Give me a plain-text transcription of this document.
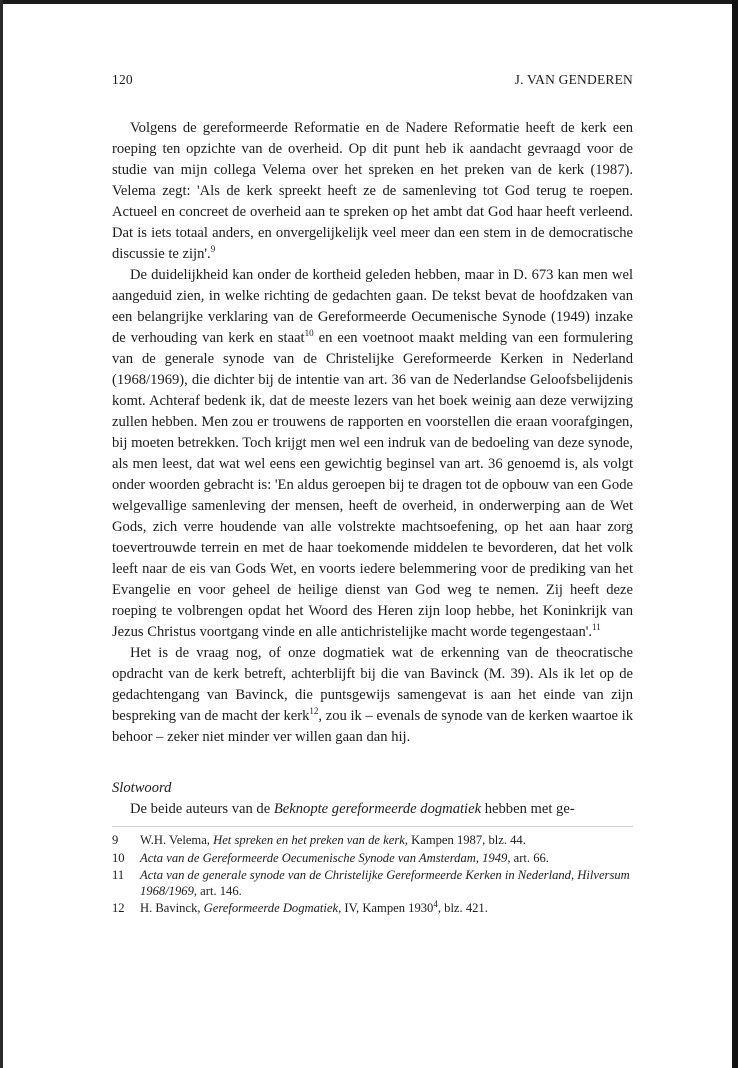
120	J. VAN GENDEREN

Volgens de gereformeerde Reformatie en de Nadere Reformatie heeft de kerk een roeping ten opzichte van de overheid. Op dit punt heb ik aandacht gevraagd voor de studie van mijn collega Velema over het spreken en het preken van de kerk (1987). Velema zegt: 'Als de kerk spreekt heeft ze de samenleving tot God terug te roepen. Actueel en concreet de overheid aan te spreken op het ambt dat God haar heeft verleend. Dat is iets totaal anders, en onvergelijkelijk veel meer dan een stem in de democratische discussie te zijn'.$^9$

De duidelijkheid kan onder de kortheid geleden hebben, maar in D. 673 kan men wel aangeduid zien, in welke richting de gedachten gaan. De tekst bevat de hoofdzaken van een belangrijke verklaring van de Gereformeerde Oecumenische Synode (1949) inzake de verhouding van kerk en staat$^{10}$ en een voetnoot maakt melding van een formulering van de generale synode van de Christelijke Gereformeerde Kerken in Nederland (1968/1969), die dichter bij de intentie van art. 36 van de Nederlandse Geloofsbelijdenis komt. Achteraf bedenk ik, dat de meeste lezers van het boek weinig aan deze verwijzing zullen hebben. Men zou er trouwens de rapporten en voorstellen die eraan voorafgingen, bij moeten betrekken. Toch krijgt men wel een indruk van de bedoeling van deze synode, als men leest, dat wat wel eens een gewichtig beginsel van art. 36 genoemd is, als volgt onder woorden gebracht is: 'En aldus geroepen bij te dragen tot de opbouw van een Gode welgevallige samenleving der mensen, heeft de overheid, in onderwerping aan de Wet Gods, zich verre houdende van alle volstrekte machtsoefening, op het aan haar zorg toevertrouwde terrein en met de haar toekomende middelen te bevorderen, dat het volk leeft naar de eis van Gods Wet, en voorts iedere belemmering voor de prediking van het Evangelie en voor geheel de heilige dienst van God weg te nemen. Zij heeft deze roeping te volbrengen opdat het Woord des Heren zijn loop hebbe, het Koninkrijk van Jezus Christus voortgang vinde en alle antichristelijke macht worde tegengestaan'.$^{11}$

Het is de vraag nog, of onze dogmatiek wat de erkenning van de theocratische opdracht van de kerk betreft, achterblijft bij die van Bavinck (M. 39). Als ik let op de gedachtengang van Bavinck, die puntsgewijs samengevat is aan het einde van zijn bespreking van de macht der kerk$^{12}$, zou ik – evenals de synode van de kerken waartoe ik behoor – zeker niet minder ver willen gaan dan hij.

Slotwoord

De beide auteurs van de Beknopte gereformeerde dogmatiek hebben met ge-

9	W.H. Velema, Het spreken en het preken van de kerk, Kampen 1987, blz. 44.
10	Acta van de Gereformeerde Oecumenische Synode van Amsterdam, 1949, art. 66.
11	Acta van de generale synode van de Christelijke Gereformeerde Kerken in Nederland, Hilversum 1968/1969, art. 146.
12	H. Bavinck, Gereformeerde Dogmatiek, IV, Kampen 1930$^4$, blz. 421.
